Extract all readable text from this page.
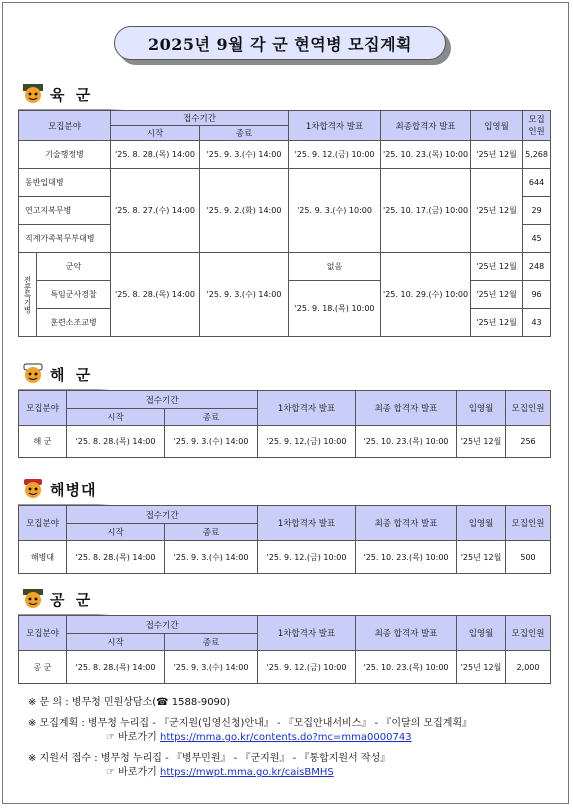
2025년 9월 각 군 현역병 모집계획
육 군
모집분야		접수기간		1차합격자 발표	최종합격자 발표	입영월	모집
인원
		시작	종료				
기술행정병		'25. 8. 28.(목) 14:00	'25. 9. 3.(수) 14:00	'25. 9. 12.(금) 10:00	'25. 10. 23.(목) 10:00	'25년 12월	5,268
동반입대병		'25. 8. 27.(수) 14:00	'25. 9. 2.(화) 14:00	'25. 9. 3.(수) 10:00	'25. 10. 17.(금) 10:00	'25년 12월	644
연고지복무병							29
직계가족복무부대병							45
전문특기병	군악	'25. 8. 28.(목) 14:00	'25. 9. 3.(수) 14:00	없음	'25. 10. 29.(수) 10:00	'25년 12월	248
	특임군사경찰			'25. 9. 18.(목) 10:00		'25년 12월	96
	훈련소조교병					'25년 12월	43
해 군
모집분야	접수기간		1차합격자 발표	최종 합격자 발표	입영월	모집인원
	시작	종료				
해 군	'25. 8. 28.(목) 14:00	'25. 9. 3.(수) 14:00	'25. 9. 12.(금) 10:00	'25. 10. 23.(목) 10:00	'25년 12월	256
해병대
모집분야	접수기간		1차합격자 발표	최종 합격자 발표	입영월	모집인원
	시작	종료				
해병대	'25. 8. 28.(목) 14:00	'25. 9. 3.(수) 14:00	'25. 9. 12.(금) 10:00	'25. 10. 23.(목) 10:00	'25년 12월	500
공 군
모집분야	접수기간		1차합격자 발표	최종 합격자 발표	입영월	모집인원
	시작	종료				
공 군	'25. 8. 28.(목) 14:00	'25. 9. 3.(수) 14:00	'25. 9. 12.(금) 10:00	'25. 10. 23.(목) 10:00	'25년 12월	2,000
※ 문 의 : 병무청 민원상담소(☎ 1588-9090)
※ 모집계획 : 병무청 누리집 - 『군지원(입영신청)안내』 - 『모집안내서비스』 - 『이달의 모집계획』
☞ 바로가기 https://mma.go.kr/contents.do?mc=mma0000743
※ 지원서 접수 : 병무청 누리집 - 『병무민원』 - 『군지원』 - 『통합지원서 작성』
☞ 바로가기 https://mwpt.mma.go.kr/caisBMHS
